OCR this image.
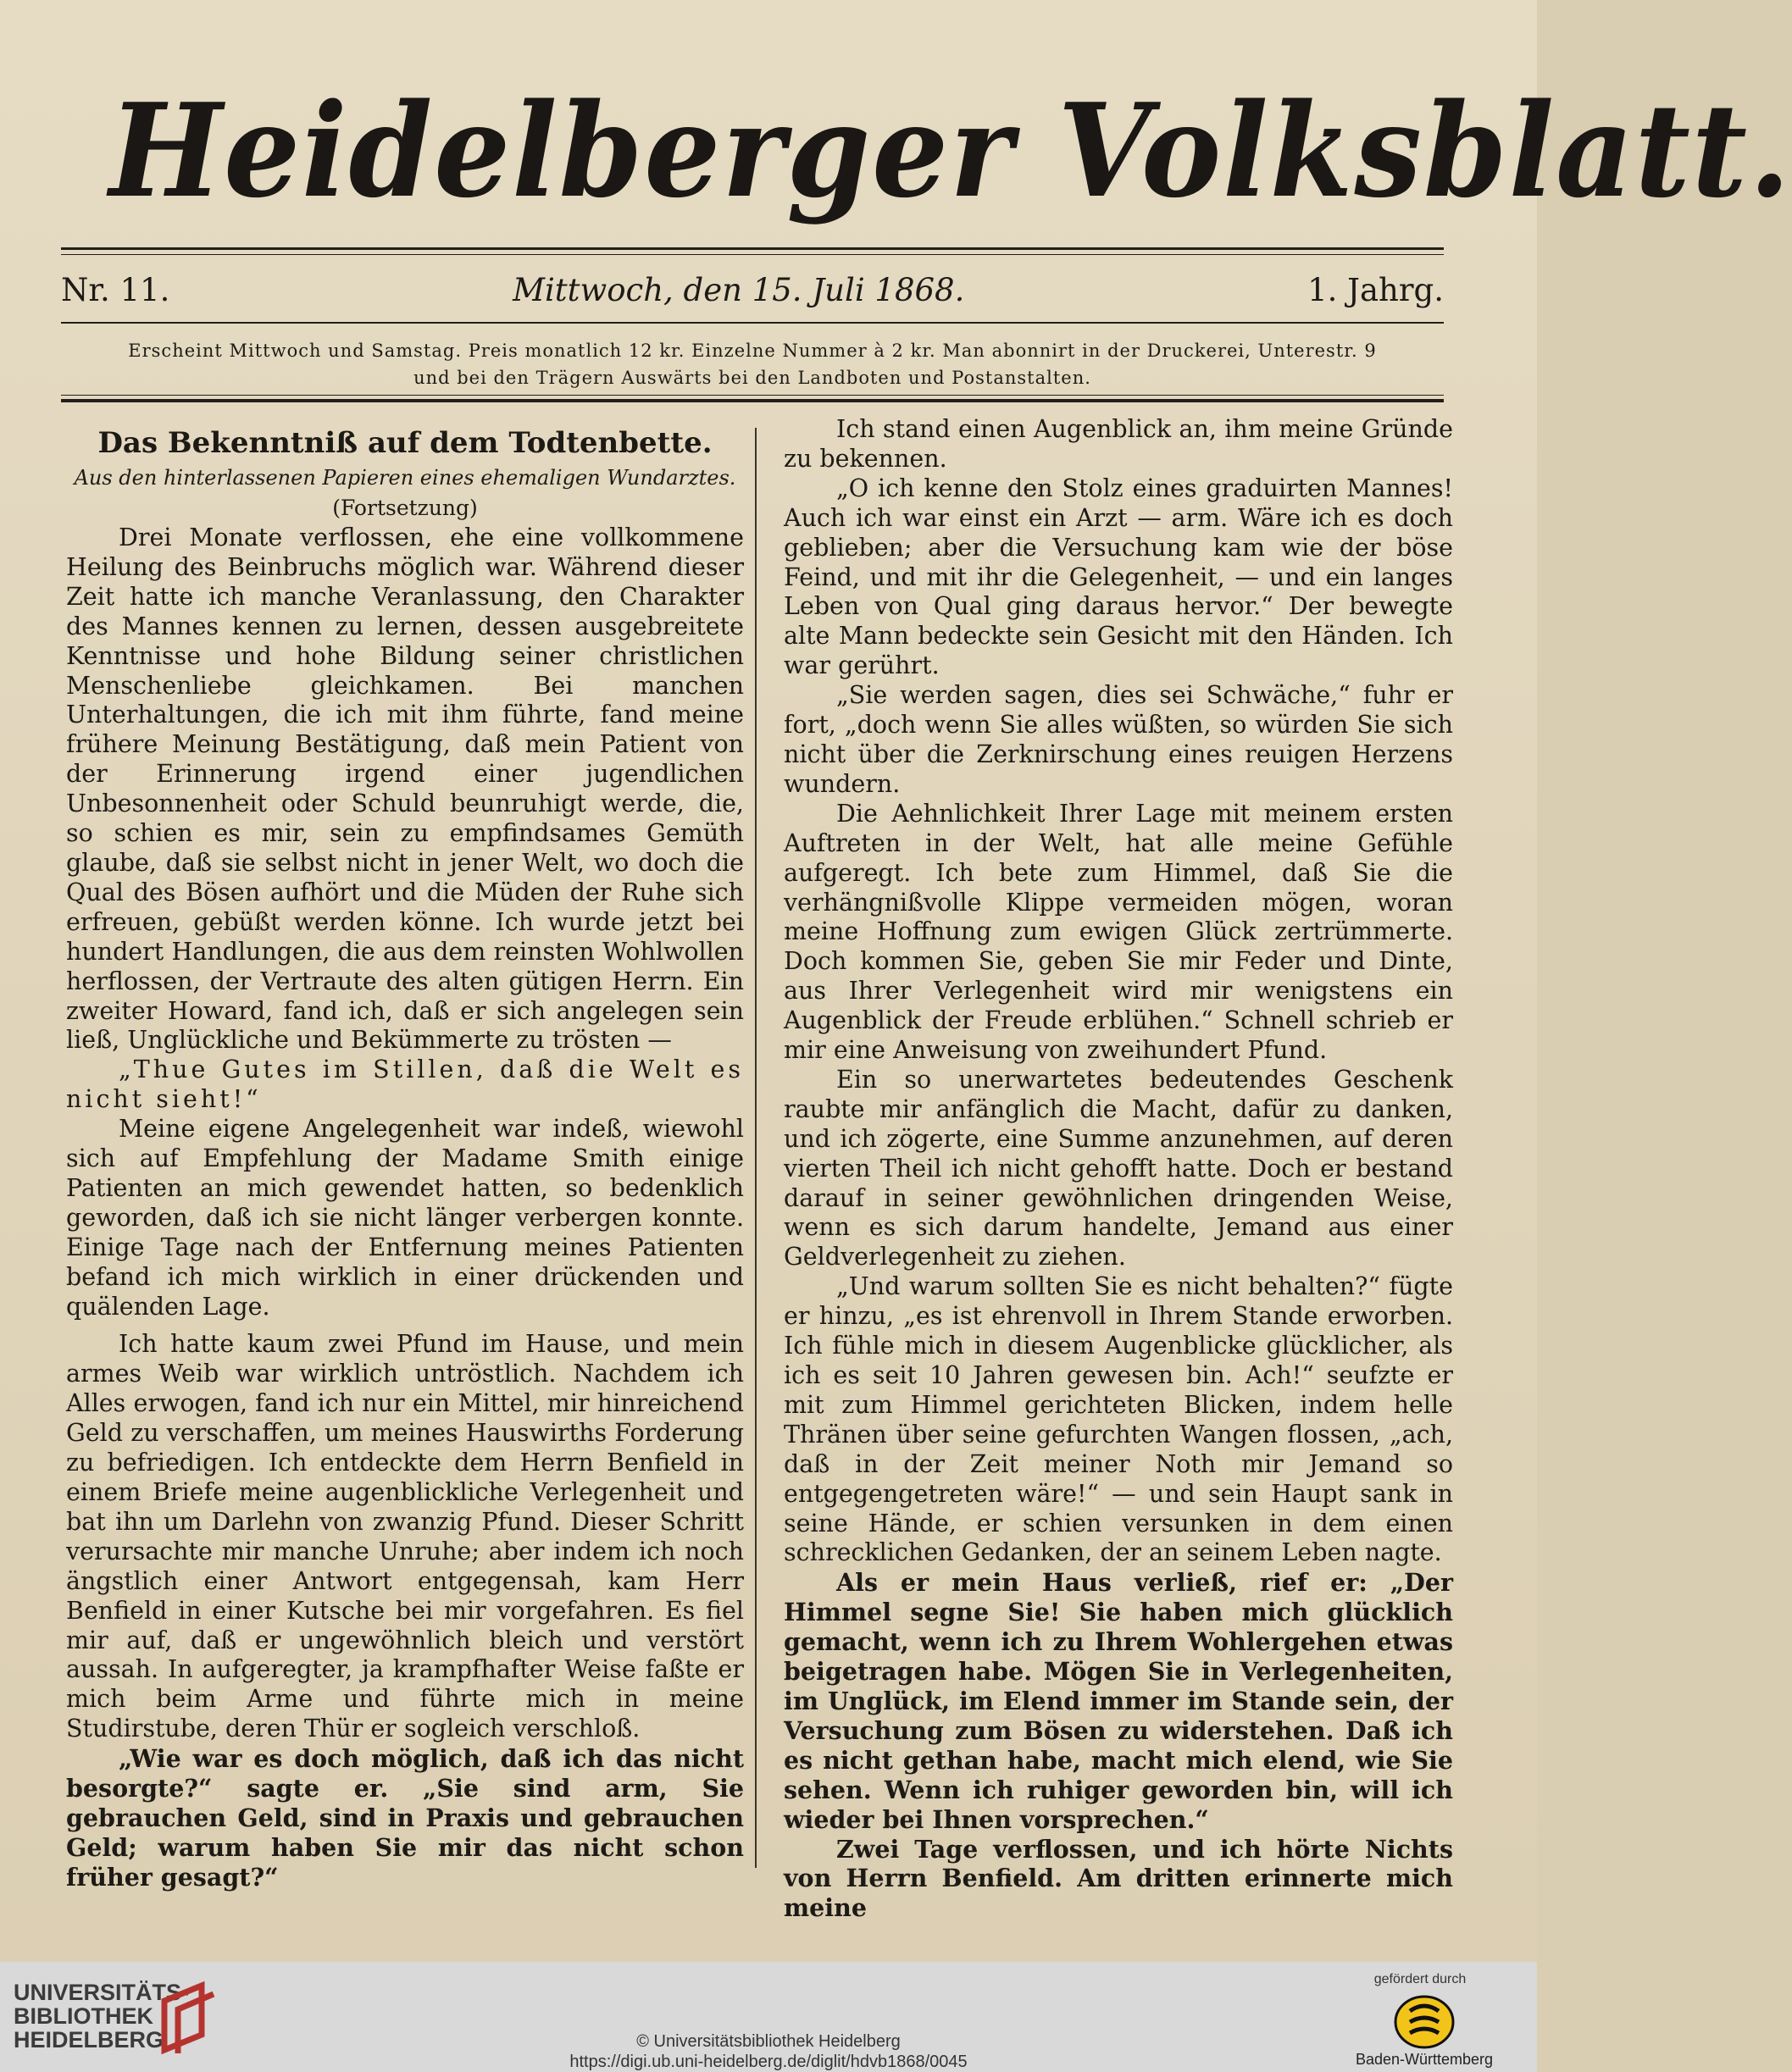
Heidelberger Volksblatt.
Nr. 11.	Mittwoch, den 15. Juli 1868.	1. Jahrg.
Erscheint Mittwoch und Samstag. Preis monatlich 12 kr. Einzelne Nummer à 2 kr. Man abonnirt in der Druckerei, Unterestr. 9
und bei den Trägern Auswärts bei den Landboten und Postanstalten.

Das Bekenntniß auf dem Todtenbette.

Aus den hinterlassenen Papieren eines ehemaligen Wundarztes.

(Fortsetzung)

Drei Monate verflossen, ehe eine vollkommene Heilung des Beinbruchs möglich war. Während dieser Zeit hatte ich manche Veranlassung, den Charakter des Mannes kennen zu lernen, dessen ausgebreitete Kenntnisse und hohe Bildung seiner christlichen Menschenliebe gleichkamen. Bei manchen Unterhaltungen, die ich mit ihm führte, fand meine frühere Meinung Bestätigung, daß mein Patient von der Erinnerung irgend einer jugendlichen Unbesonnenheit oder Schuld beunruhigt werde, die, so schien es mir, sein zu empfindsames Gemüth glaube, daß sie selbst nicht in jener Welt, wo doch die Qual des Bösen aufhört und die Müden der Ruhe sich erfreuen, gebüßt werden könne. Ich wurde jetzt bei hundert Handlungen, die aus dem reinsten Wohlwollen herflossen, der Vertraute des alten gütigen Herrn. Ein zweiter Howard, fand ich, daß er sich angelegen sein ließ, Unglückliche und Bekümmerte zu trösten —

„Thue Gutes im Stillen, daß die Welt es nicht sieht!“

Meine eigene Angelegenheit war indeß, wiewohl sich auf Empfehlung der Madame Smith einige Patienten an mich gewendet hatten, so bedenklich geworden, daß ich sie nicht länger verbergen konnte. Einige Tage nach der Entfernung meines Patienten befand ich mich wirklich in einer drückenden und quälenden Lage.

Ich hatte kaum zwei Pfund im Hause, und mein armes Weib war wirklich untröstlich. Nachdem ich Alles erwogen, fand ich nur ein Mittel, mir hinreichend Geld zu verschaffen, um meines Hauswirths Forderung zu befriedigen. Ich entdeckte dem Herrn Benfield in einem Briefe meine augenblickliche Verlegenheit und bat ihn um Darlehn von zwanzig Pfund. Dieser Schritt verursachte mir manche Unruhe; aber indem ich noch ängstlich einer Antwort entgegensah, kam Herr Benfield in einer Kutsche bei mir vorgefahren. Es fiel mir auf, daß er ungewöhnlich bleich und verstört aussah. In aufgeregter, ja krampfhafter Weise faßte er mich beim Arme und führte mich in meine Studirstube, deren Thür er sogleich verschloß.

„Wie war es doch möglich, daß ich das nicht besorgte?“ sagte er. „Sie sind arm, Sie gebrauchen Geld, sind in Praxis und gebrauchen Geld; warum haben Sie mir das nicht schon früher gesagt?“

Ich stand einen Augenblick an, ihm meine Gründe zu bekennen.

„O ich kenne den Stolz eines graduirten Mannes! Auch ich war einst ein Arzt — arm. Wäre ich es doch geblieben; aber die Versuchung kam wie der böse Feind, und mit ihr die Gelegenheit, — und ein langes Leben von Qual ging daraus hervor.“ Der bewegte alte Mann bedeckte sein Gesicht mit den Händen. Ich war gerührt.

„Sie werden sagen, dies sei Schwäche,“ fuhr er fort, „doch wenn Sie alles wüßten, so würden Sie sich nicht über die Zerknirschung eines reuigen Herzens wundern.

Die Aehnlichkeit Ihrer Lage mit meinem ersten Auftreten in der Welt, hat alle meine Gefühle aufgeregt. Ich bete zum Himmel, daß Sie die verhängnißvolle Klippe vermeiden mögen, woran meine Hoffnung zum ewigen Glück zertrümmerte. Doch kommen Sie, geben Sie mir Feder und Dinte, aus Ihrer Verlegenheit wird mir wenigstens ein Augenblick der Freude erblühen.“ Schnell schrieb er mir eine Anweisung von zweihundert Pfund.

Ein so unerwartetes bedeutendes Geschenk raubte mir anfänglich die Macht, dafür zu danken, und ich zögerte, eine Summe anzunehmen, auf deren vierten Theil ich nicht gehofft hatte. Doch er bestand darauf in seiner gewöhnlichen dringenden Weise, wenn es sich darum handelte, Jemand aus einer Geldverlegenheit zu ziehen.

„Und warum sollten Sie es nicht behalten?“ fügte er hinzu, „es ist ehrenvoll in Ihrem Stande erworben. Ich fühle mich in diesem Augenblicke glücklicher, als ich es seit 10 Jahren gewesen bin. Ach!“ seufzte er mit zum Himmel gerichteten Blicken, indem helle Thränen über seine gefurchten Wangen flossen, „ach, daß in der Zeit meiner Noth mir Jemand so entgegengetreten wäre!“ — und sein Haupt sank in seine Hände, er schien versunken in dem einen schrecklichen Gedanken, der an seinem Leben nagte.

Als er mein Haus verließ, rief er: „Der Himmel segne Sie! Sie haben mich glücklich gemacht, wenn ich zu Ihrem Wohlergehen etwas beigetragen habe. Mögen Sie in Verlegenheiten, im Unglück, im Elend immer im Stande sein, der Versuchung zum Bösen zu widerstehen. Daß ich es nicht gethan habe, macht mich elend, wie Sie sehen. Wenn ich ruhiger geworden bin, will ich wieder bei Ihnen vorsprechen.“

Zwei Tage verflossen, und ich hörte Nichts von Herrn Benfield. Am dritten erinnerte mich meine

UNIVERSITÄTS-
BIBLIOTHEK
HEIDELBERG	© Universitätsbibliothek Heidelberg
https://digi.ub.uni-heidelberg.de/diglit/hdvb1868/0045
gefördert durch
Baden-Württemberg
